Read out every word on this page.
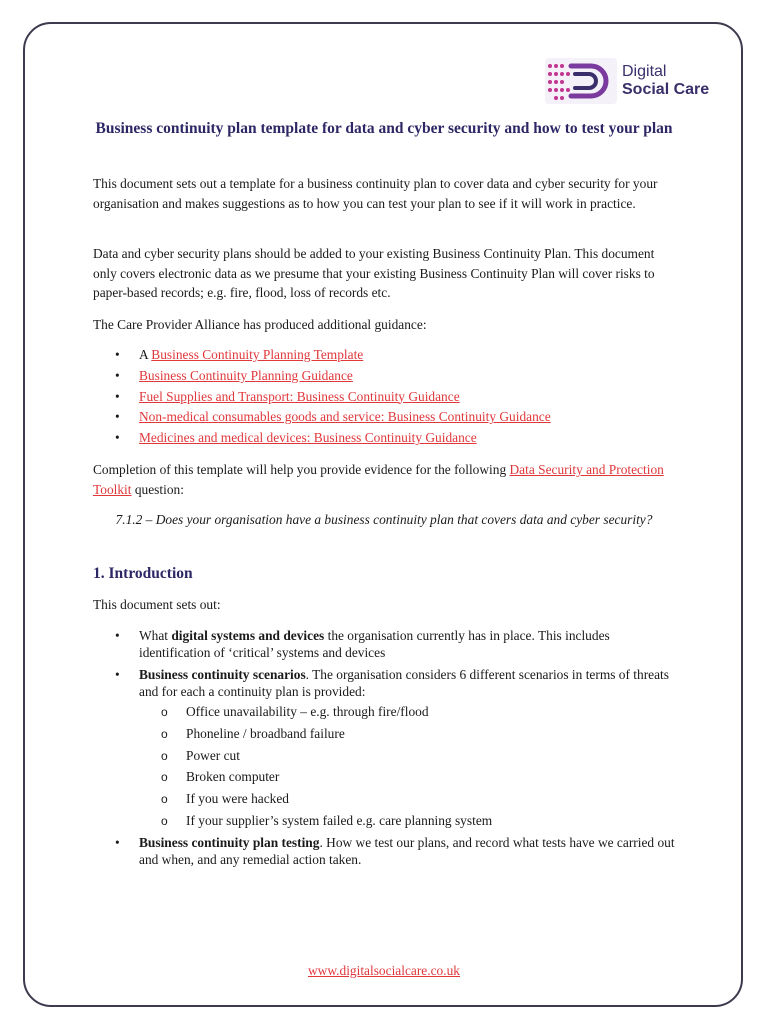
Digital
Social Care
Business continuity plan template for data and cyber security and how to test your plan
This document sets out a template for a business continuity plan to cover data and cyber security for your organisation and makes suggestions as to how you can test your plan to see if it will work in practice.
Data and cyber security plans should be added to your existing Business Continuity Plan. This document only covers electronic data as we presume that your existing Business Continuity Plan will cover risks to paper-based records; e.g. fire, flood, loss of records etc.
The Care Provider Alliance has produced additional guidance:
• A Business Continuity Planning Template
• Business Continuity Planning Guidance
• Fuel Supplies and Transport: Business Continuity Guidance
• Non-medical consumables goods and service: Business Continuity Guidance
• Medicines and medical devices: Business Continuity Guidance
Completion of this template will help you provide evidence for the following Data Security and Protection Toolkit question:
7.1.2 – Does your organisation have a business continuity plan that covers data and cyber security?
1. Introduction
This document sets out:
• What digital systems and devices the organisation currently has in place. This includes identification of ‘critical’ systems and devices
• Business continuity scenarios. The organisation considers 6 different scenarios in terms of threats and for each a continuity plan is provided:
o Office unavailability – e.g. through fire/flood
o Phoneline / broadband failure
o Power cut
o Broken computer
o If you were hacked
o If your supplier’s system failed e.g. care planning system
• Business continuity plan testing. How we test our plans, and record what tests have we carried out and when, and any remedial action taken.
www.digitalsocialcare.co.uk
